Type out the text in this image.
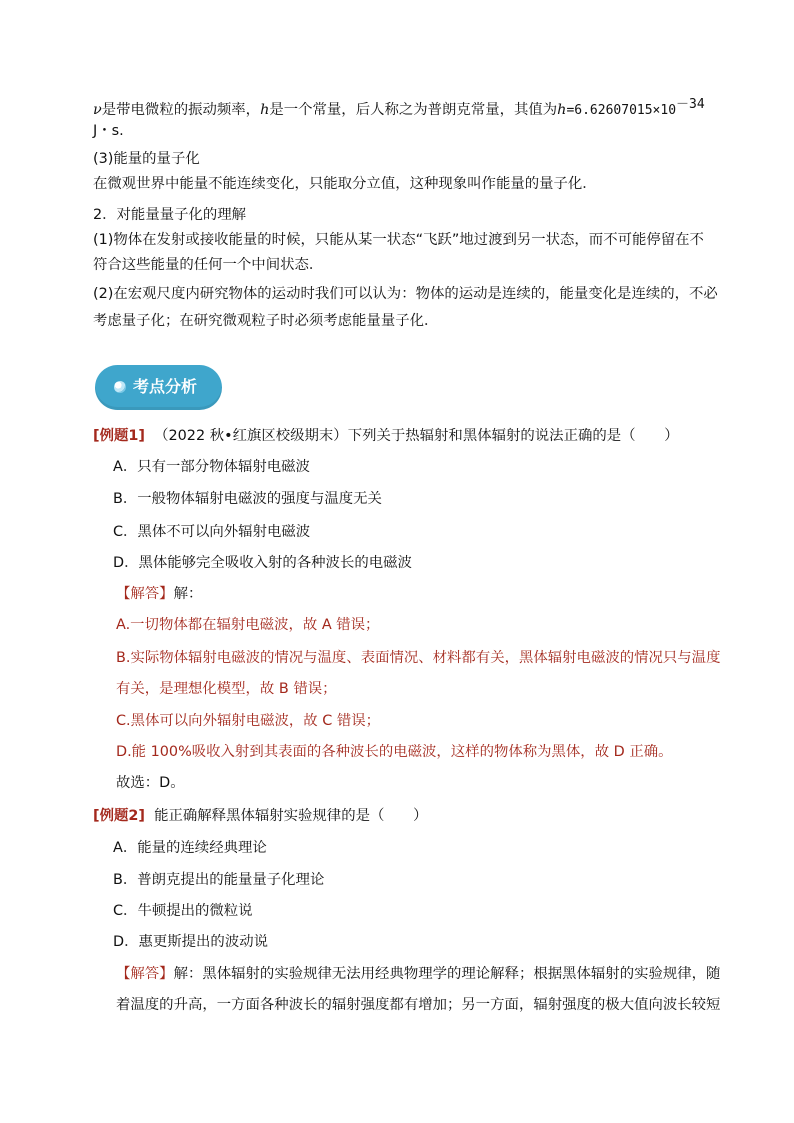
ν是带电微粒的振动频率，h是一个常量，后人称之为普朗克常量，其值为h=6.62607015×10－34
J・s.
(3)能量的量子化
在微观世界中能量不能连续变化，只能取分立值，这种现象叫作能量的量子化．
2．对能量量子化的理解
(1)物体在发射或接收能量的时候，只能从某一状态“飞跃”地过渡到另一状态，而不可能停留在不
符合这些能量的任何一个中间状态．
(2)在宏观尺度内研究物体的运动时我们可以认为：物体的运动是连续的，能量变化是连续的，不必
考虑量子化；在研究微观粒子时必须考虑能量量子化．
考点分析
[例题1] （2022 秋•红旗区校级期末）下列关于热辐射和黑体辐射的说法正确的是（　　）
A．只有一部分物体辐射电磁波
B．一般物体辐射电磁波的强度与温度无关
C．黑体不可以向外辐射电磁波
D．黑体能够完全吸收入射的各种波长的电磁波
【解答】解：
A.一切物体都在辐射电磁波，故 A 错误；
B.实际物体辐射电磁波的情况与温度、表面情况、材料都有关，黑体辐射电磁波的情况只与温度
有关，是理想化模型，故 B 错误；
C.黑体可以向外辐射电磁波，故 C 错误；
D.能 100%吸收入射到其表面的各种波长的电磁波，这样的物体称为黑体，故 D 正确。
故选：D。
[例题2] 能正确解释黑体辐射实验规律的是（　　）
A．能量的连续经典理论
B．普朗克提出的能量量子化理论
C．牛顿提出的微粒说
D．惠更斯提出的波动说
【解答】解：黑体辐射的实验规律无法用经典物理学的理论解释；根据黑体辐射的实验规律，随
着温度的升高，一方面各种波长的辐射强度都有增加；另一方面，辐射强度的极大值向波长较短
